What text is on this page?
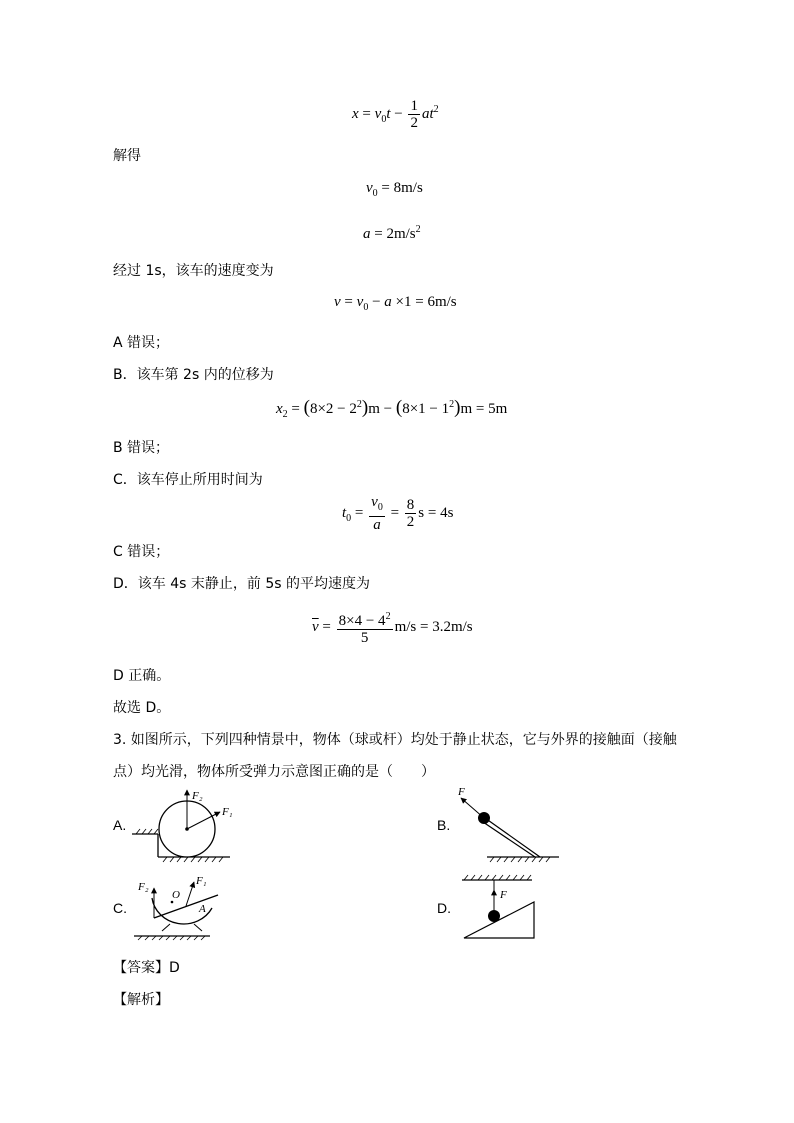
$x = v_0t - \frac{1}{2} at^2$
解得
$v_0 = 8m/s$
$a = 2m/s^2$
经过 1s，该车的速度变为
$v = v_0 - a \times 1 = 6m/s$
A 错误；
B．该车第 2s 内的位移为
$x_2 = (8\times 2 - 2^2)m - (8\times 1 - 1^2)m = 5m$
B 错误；
C．该车停止所用时间为
$t_0 = \frac{v_0}{a} = \frac{8}{2}$ s = 4s
C 错误；
D．该车 4s 末静止，前 5s 的平均速度为
$\overline{v} = \frac{8\times 4 - 4^2}{5} m/s = 3.2m/s$
D 正确。
故选 D。
3. 如图所示，下列四种情景中，物体（球或杆）均处于静止状态，它与外界的接触面（接触
点）均光滑，物体所受弹力示意图正确的是（　　）
A.	B.
C.	D.
F₂
F₁
F
O
A
F₂	F₁
F
【答案】D
【解析】
